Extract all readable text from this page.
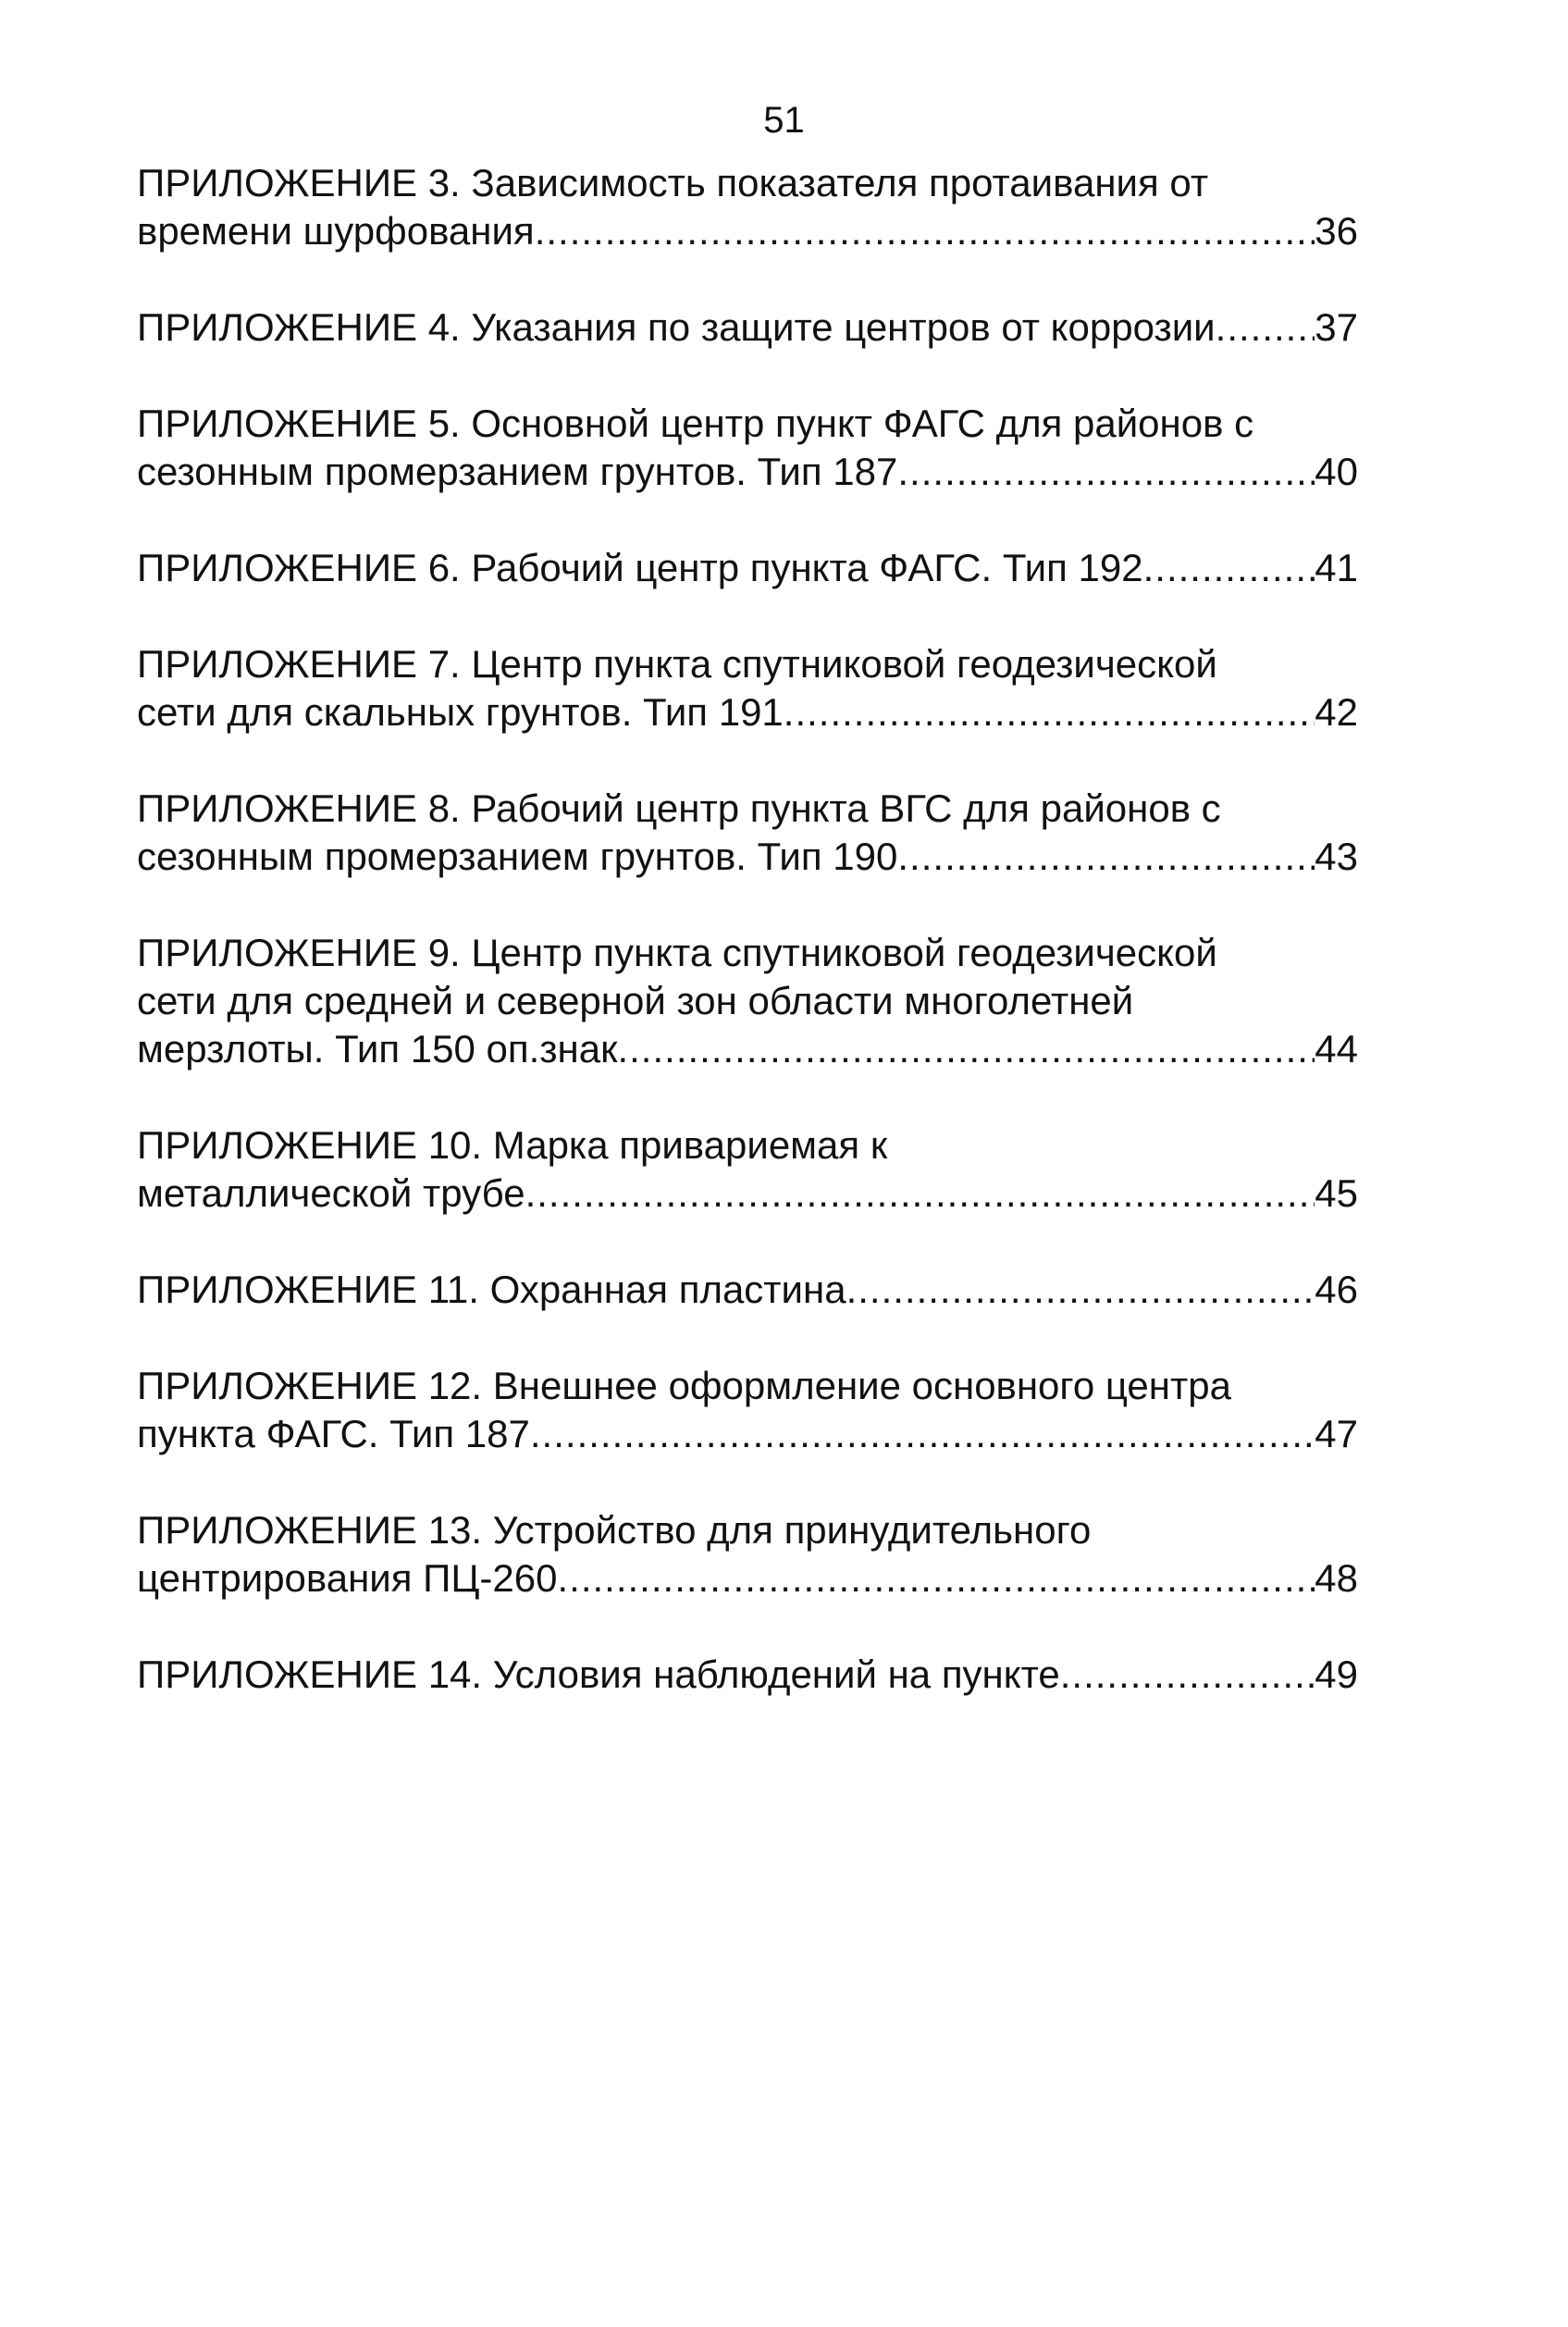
51
ПРИЛОЖЕНИЕ 3. Зависимость показателя протаивания от
времени шурфования .....	36
ПРИЛОЖЕНИЕ 4. Указания по защите центров от коррозии .....	37
ПРИЛОЖЕНИЕ 5. Основной центр пункт ФАГС для районов с
сезонным промерзанием грунтов. Тип 187 .....	40
ПРИЛОЖЕНИЕ 6. Рабочий центр пункта ФАГС. Тип 192 .....	41
ПРИЛОЖЕНИЕ 7. Центр пункта спутниковой геодезической
сети для скальных грунтов. Тип 191 .....	42
ПРИЛОЖЕНИЕ 8. Рабочий центр пункта ВГС для районов с
сезонным промерзанием грунтов. Тип 190 .....	43
ПРИЛОЖЕНИЕ 9. Центр пункта спутниковой геодезической
сети для средней и северной зон области многолетней
мерзлоты. Тип 150 оп.знак .....	44
ПРИЛОЖЕНИЕ 10. Марка привариемая к
металлической трубе .....	45
ПРИЛОЖЕНИЕ 11. Охранная пластина .....	46
ПРИЛОЖЕНИЕ 12. Внешнее оформление основного центра
пункта ФАГС. Тип 187 .....	47
ПРИЛОЖЕНИЕ 13. Устройство для принудительного
центрирования ПЦ-260 .....	48
ПРИЛОЖЕНИЕ 14. Условия наблюдений на пункте .....	49
